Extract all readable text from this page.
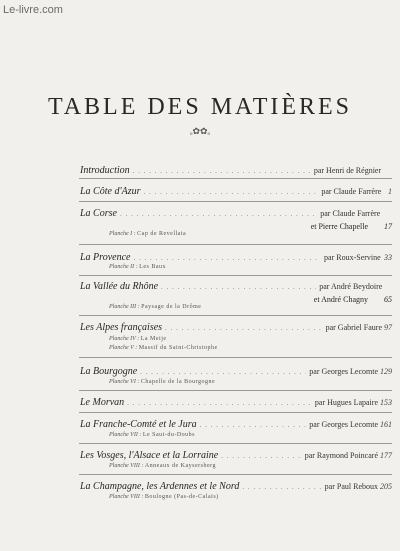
Le-livre.com
TABLE DES MATIÈRES
ₒ✿✿ₒ
Introduction . . .	par Henri de Régnier
La Côte d'Azur . . .	par Claude Farrère 1
La Corse . . .	par Claude Farrère
et Pierre Chapelle	17
Planche I : Cap de Revellata
La Provence . . .	par Roux-Servine 33
Planche II : Les Baux
La Vallée du Rhône . . .	par André Beydoire
et André Chagny	65
Planche III : Paysage de la Drôme
Les Alpes françaises . . .	par Gabriel Faure 97
Planche IV : La Meije
Planche V : Massif du Saint-Christophe
La Bourgogne . . .	par Georges Lecomte 129
Planche VI : Chapelle de la Bourgogne
Le Morvan . . .	par Hugues Lapaire 153
La Franche-Comté et le Jura . . .	par Georges Lecomte 161
Planche VII : Le Saut-du-Doubs
Les Vosges, l'Alsace et la Lorraine . . .	par Raymond Poincaré 177
Planche VIII : Anneaux de Kaysersberg
La Champagne, les Ardennes et le Nord . . .	par Paul Reboux 205
Planche VIII : Boulogne (Pas-de-Calais)
